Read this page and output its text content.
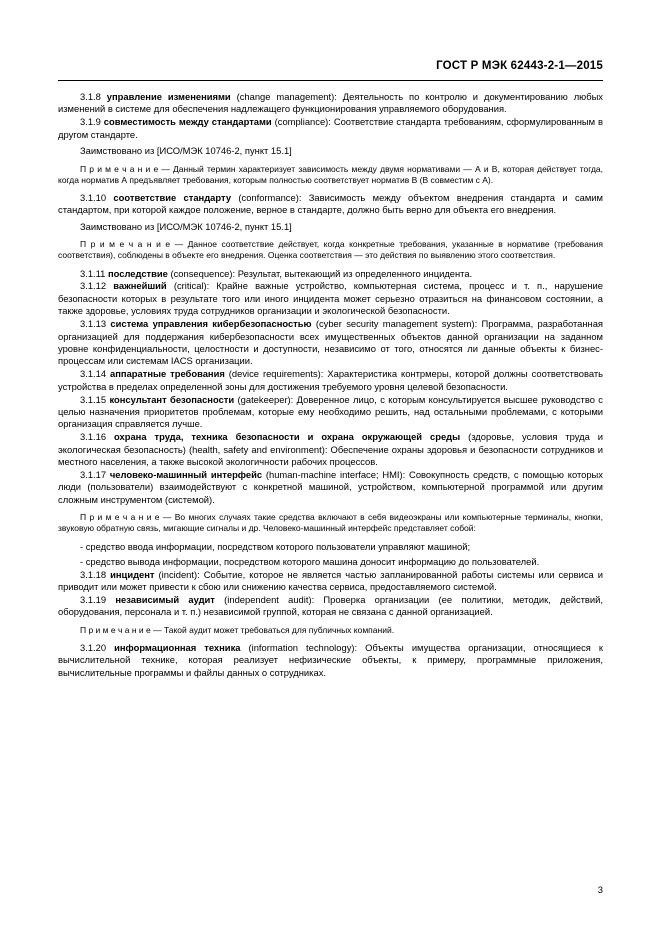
ГОСТ Р МЭК 62443-2-1—2015

3.1.8 управление изменениями (change management): Деятельность по контролю и документированию любых изменений в системе для обеспечения надлежащего функционирования управляемого оборудования.

3.1.9 совместимость между стандартами (compliance): Соответствие стандарта требованиям, сформулированным в другом стандарте.

Заимствовано из [ИСО/МЭК 10746-2, пункт 15.1]

П р и м е ч а н и е — Данный термин характеризует зависимость между двумя нормативами — А и В, которая действует тогда, когда норматив А предъявляет требования, которым полностью соответствует норматив В (В совместим с А).

3.1.10 соответствие стандарту (conformance): Зависимость между объектом внедрения стандарта и самим стандартом, при которой каждое положение, верное в стандарте, должно быть верно для объекта его внедрения.

Заимствовано из [ИСО/МЭК 10746-2, пункт 15.1]

П р и м е ч а н и е — Данное соответствие действует, когда конкретные требования, указанные в нормативе (требования соответствия), соблюдены в объекте его внедрения. Оценка соответствия — это действия по выявлению этого соответствия.

3.1.11 последствие (consequence): Результат, вытекающий из определенного инцидента.

3.1.12 важнейший (critical): Крайне важные устройство, компьютерная система, процесс и т. п., нарушение безопасности которых в результате того или иного инцидента может серьезно отразиться на финансовом состоянии, а также здоровье, условиях труда сотрудников организации и экологической безопасности.

3.1.13 система управления кибербезопасностью (cyber security management system): Программа, разработанная организацией для поддержания кибербезопасности всех имущественных объектов данной организации на заданном уровне конфиденциальности, целостности и доступности, независимо от того, относятся ли данные объекты к бизнес-процессам или системам IACS организации.

3.1.14 аппаратные требования (device requirements): Характеристика контрмеры, которой должны соответствовать устройства в пределах определенной зоны для достижения требуемого уровня целевой безопасности.

3.1.15 консультант безопасности (gatekeeper): Доверенное лицо, с которым консультируется высшее руководство с целью назначения приоритетов проблемам, которые ему необходимо решить, над остальными проблемами, с которыми организация справляется лучше.

3.1.16 охрана труда, техника безопасности и охрана окружающей среды (здоровье, условия труда и экологическая безопасность) (health, safety and environment): Обеспечение охраны здоровья и безопасности сотрудников и местного населения, а также высокой экологичности рабочих процессов.

3.1.17 человеко-машинный интерфейс (human-machine interface; HMI): Совокупность средств, с помощью которых люди (пользователи) взаимодействуют с конкретной машиной, устройством, компьютерной программой или другим сложным инструментом (системой).

П р и м е ч а н и е — Во многих случаях такие средства включают в себя видеоэкраны или компьютерные терминалы, кнопки, звуковую обратную связь, мигающие сигналы и др. Человеко-машинный интерфейс представляет собой:

- средство ввода информации, посредством которого пользователи управляют машиной;

- средство вывода информации, посредством которого машина доносит информацию до пользователей.

3.1.18 инцидент (incident): Событие, которое не является частью запланированной работы системы или сервиса и приводит или может привести к сбою или снижению качества сервиса, предоставляемого системой.

3.1.19 независимый аудит (independent audit): Проверка организации (ее политики, методик, действий, оборудования, персонала и т. п.) независимой группой, которая не связана с данной организацией.

П р и м е ч а н и е — Такой аудит может требоваться для публичных компаний.

3.1.20 информационная техника (information technology): Объекты имущества организации, относящиеся к вычислительной технике, которая реализует нефизические объекты, к примеру, программные приложения, вычислительные программы и файлы данных о сотрудниках.

3
